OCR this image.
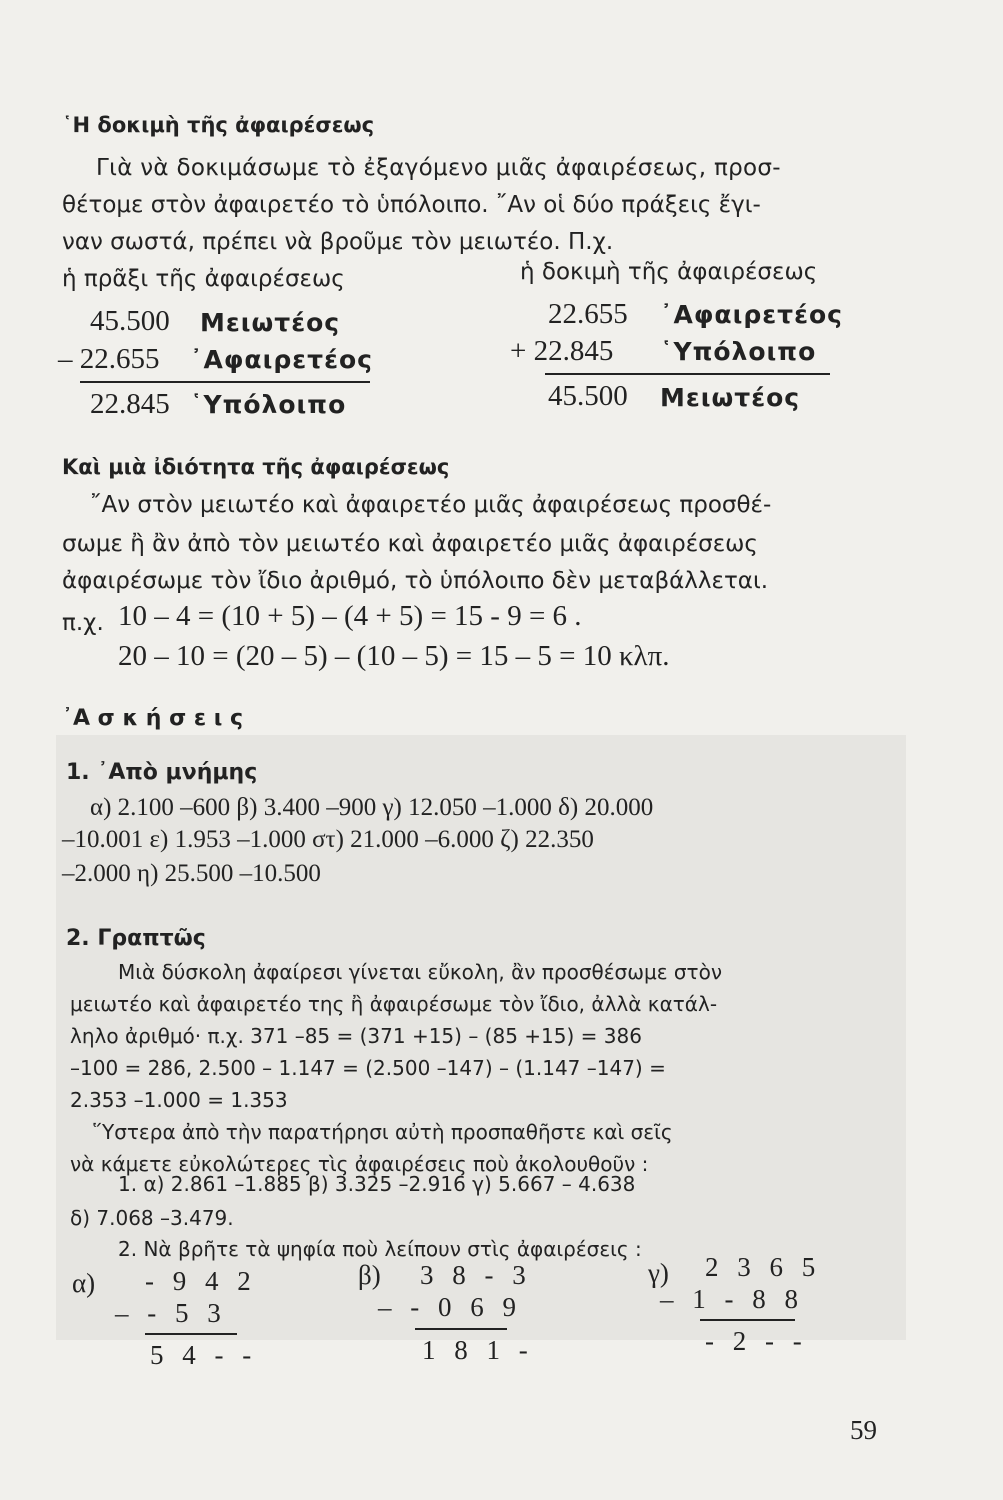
῾Η δοκιμὴ τῆς ἀφαιρέσεως
Γιὰ νὰ δοκιμάσωμε τὸ ἐξαγόμενο μιᾶς ἀφαιρέσεως, προσ-
θέτομε στὸν ἀφαιρετέο τὸ ὑπόλοιπο. ῎Αν οἱ δύο πράξεις ἔγι-
ναν σωστά, πρέπει νὰ βροῦμε τὸν μειωτέο. Π.χ.
ἡ πρᾶξι τῆς ἀφαιρέσεως	ἡ δοκιμὴ τῆς ἀφαιρέσεως
45.500 Μειωτέος
– 22.655 ᾿Αφαιρετέος
22.845 ῾Υπόλοιπο
22.655 ᾿Αφαιρετέος
+ 22.845 ῾Υπόλοιπο
45.500 Μειωτέος
Καὶ μιὰ ἰδιότητα τῆς ἀφαιρέσεως
῎Αν στὸν μειωτέο καὶ ἀφαιρετέο μιᾶς ἀφαιρέσεως προσθέ-
σωμε ἢ ἂν ἀπὸ τὸν μειωτέο καὶ ἀφαιρετέο μιᾶς ἀφαιρέσεως
ἀφαιρέσωμε τὸν ἴδιο ἀριθμό, τὸ ὑπόλοιπο δὲν μεταβάλλεται.
π.χ. 10 – 4 = (10 + 5) – (4 + 5) = 15 - 9 = 6 .
20 – 10 = (20 – 5) – (10 – 5) = 15 – 5 = 10 κλπ.
᾿Α σ κ ή σ ε ι ς
1. ᾿Απὸ μνήμης
α) 2.100 –600 β) 3.400 –900 γ) 12.050 –1.000 δ) 20.000
–10.001 ε) 1.953 –1.000 στ) 21.000 –6.000 ζ) 22.350
–2.000 η) 25.500 –10.500
2. Γραπτῶς
Μιὰ δύσκολη ἀφαίρεσι γίνεται εὔκολη, ἂν προσθέσωμε στὸν
μειωτέο καὶ ἀφαιρετέο της ἢ ἀφαιρέσωμε τὸν ἴδιο, ἀλλὰ κατάλ-
ληλο ἀριθμό· π.χ. 371 –85 = (371 +15) – (85 +15) = 386
–100 = 286, 2.500 – 1.147 = (2.500 –147) – (1.147 –147) =
2.353 –1.000 = 1.353
῞Υστερα ἀπὸ τὴν παρατήρησι αὐτὴ προσπαθῆστε καὶ σεῖς
νὰ κάμετε εὐκολώτερες τὶς ἀφαιρέσεις ποὺ ἀκολουθοῦν :
1. α) 2.861 –1.885 β) 3.325 –2.916 γ) 5.667 – 4.638
δ) 7.068 –3.479.
2. Νὰ βρῆτε τὰ ψηφία ποὺ λείπουν στὶς ἀφαιρέσεις :
α) - 9 4 2
– - 5 3
5 4 - -
β) 3 8 - 3
– - 0 6 9
1 8 1 -
γ) 2 3 6 5
– 1 - 8 8
- 2 - -
59
